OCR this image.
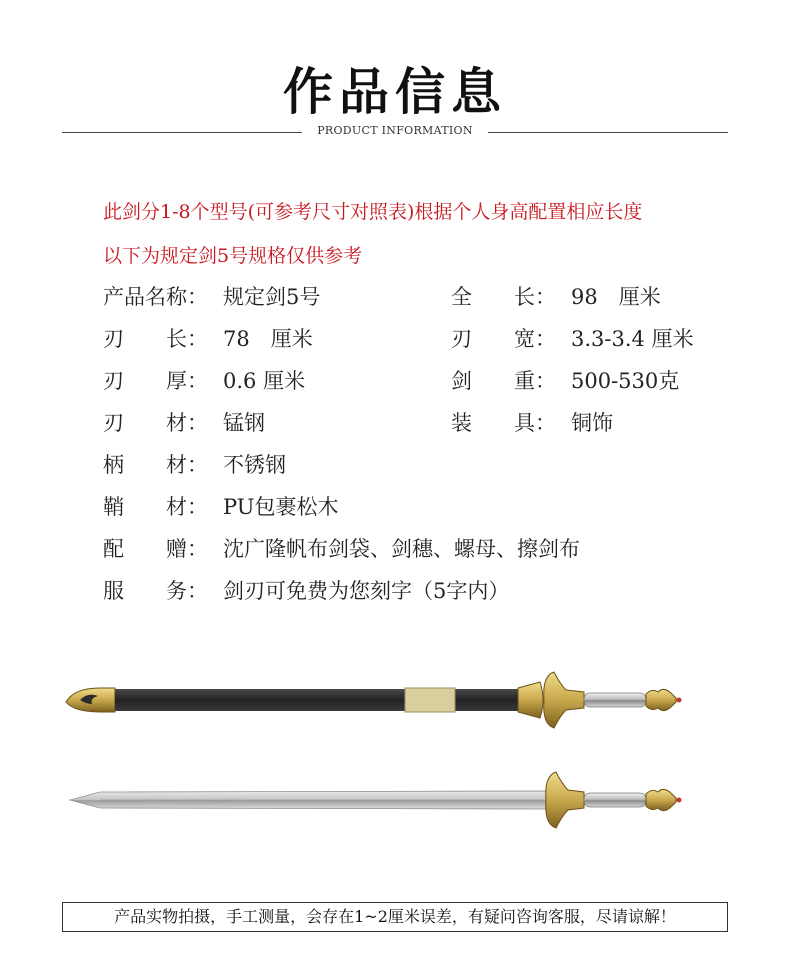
作品信息
PRODUCT INFORMATION
此剑分1-8个型号(可参考尺寸对照表)根据个人身高配置相应长度
以下为规定剑5号规格仅供参考
产品名称： 规定剑5号	全　　长： 98　厘米
刃　　长： 78　厘米	刃　　宽： 3.3-3.4 厘米
刃　　厚： 0.6 厘米	剑　　重： 500-530克
刃　　材： 锰钢	装　　具： 铜饰
柄　　材： 不锈钢
鞘　　材： PU包裹松木
配　　赠： 沈广隆帆布剑袋、剑穗、螺母、擦剑布
服　　务： 剑刃可免费为您刻字（5字内）
产品实物拍摄，手工测量，会存在1~2厘米误差，有疑问咨询客服，尽请谅解！
